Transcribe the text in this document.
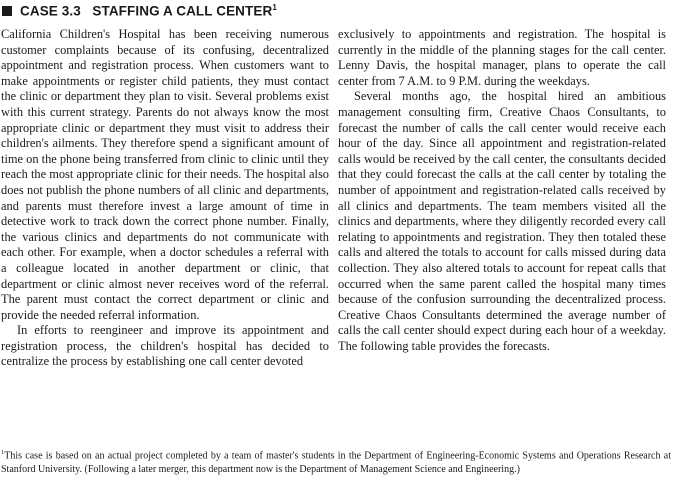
CASE 3.3   STAFFING A CALL CENTER$^1$

California Children's Hospital has been receiving numerous customer complaints because of its confusing, decentralized appointment and registration process. When customers want to make appointments or register child patients, they must contact the clinic or department they plan to visit. Several problems exist with this current strategy. Parents do not always know the most appropriate clinic or department they must visit to address their children's ailments. They therefore spend a significant amount of time on the phone being transferred from clinic to clinic until they reach the most appropriate clinic for their needs. The hospital also does not publish the phone numbers of all clinic and departments, and parents must therefore invest a large amount of time in detective work to track down the correct phone number. Finally, the various clinics and departments do not communicate with each other. For example, when a doctor schedules a referral with a colleague located in another department or clinic, that department or clinic almost never receives word of the referral. The parent must contact the correct department or clinic and provide the needed referral information.

In efforts to reengineer and improve its appointment and registration process, the children's hospital has decided to centralize the process by establishing one call center devoted

exclusively to appointments and registration. The hospital is currently in the middle of the planning stages for the call center. Lenny Davis, the hospital manager, plans to operate the call center from 7 A.M. to 9 P.M. during the weekdays.

Several months ago, the hospital hired an ambitious management consulting firm, Creative Chaos Consultants, to forecast the number of calls the call center would receive each hour of the day. Since all appointment and registration-related calls would be received by the call center, the consultants decided that they could forecast the calls at the call center by totaling the number of appointment and registration-related calls received by all clinics and departments. The team members visited all the clinics and departments, where they diligently recorded every call relating to appointments and registration. They then totaled these calls and altered the totals to account for calls missed during data collection. They also altered totals to account for repeat calls that occurred when the same parent called the hospital many times because of the confusion surrounding the decentralized process. Creative Chaos Consultants determined the average number of calls the call center should expect during each hour of a weekday. The following table provides the forecasts.

$^1$This case is based on an actual project completed by a team of master's students in the Department of Engineering-Economic Systems and Operations Research at Stanford University. (Following a later merger, this department now is the Department of Management Science and Engineering.)
